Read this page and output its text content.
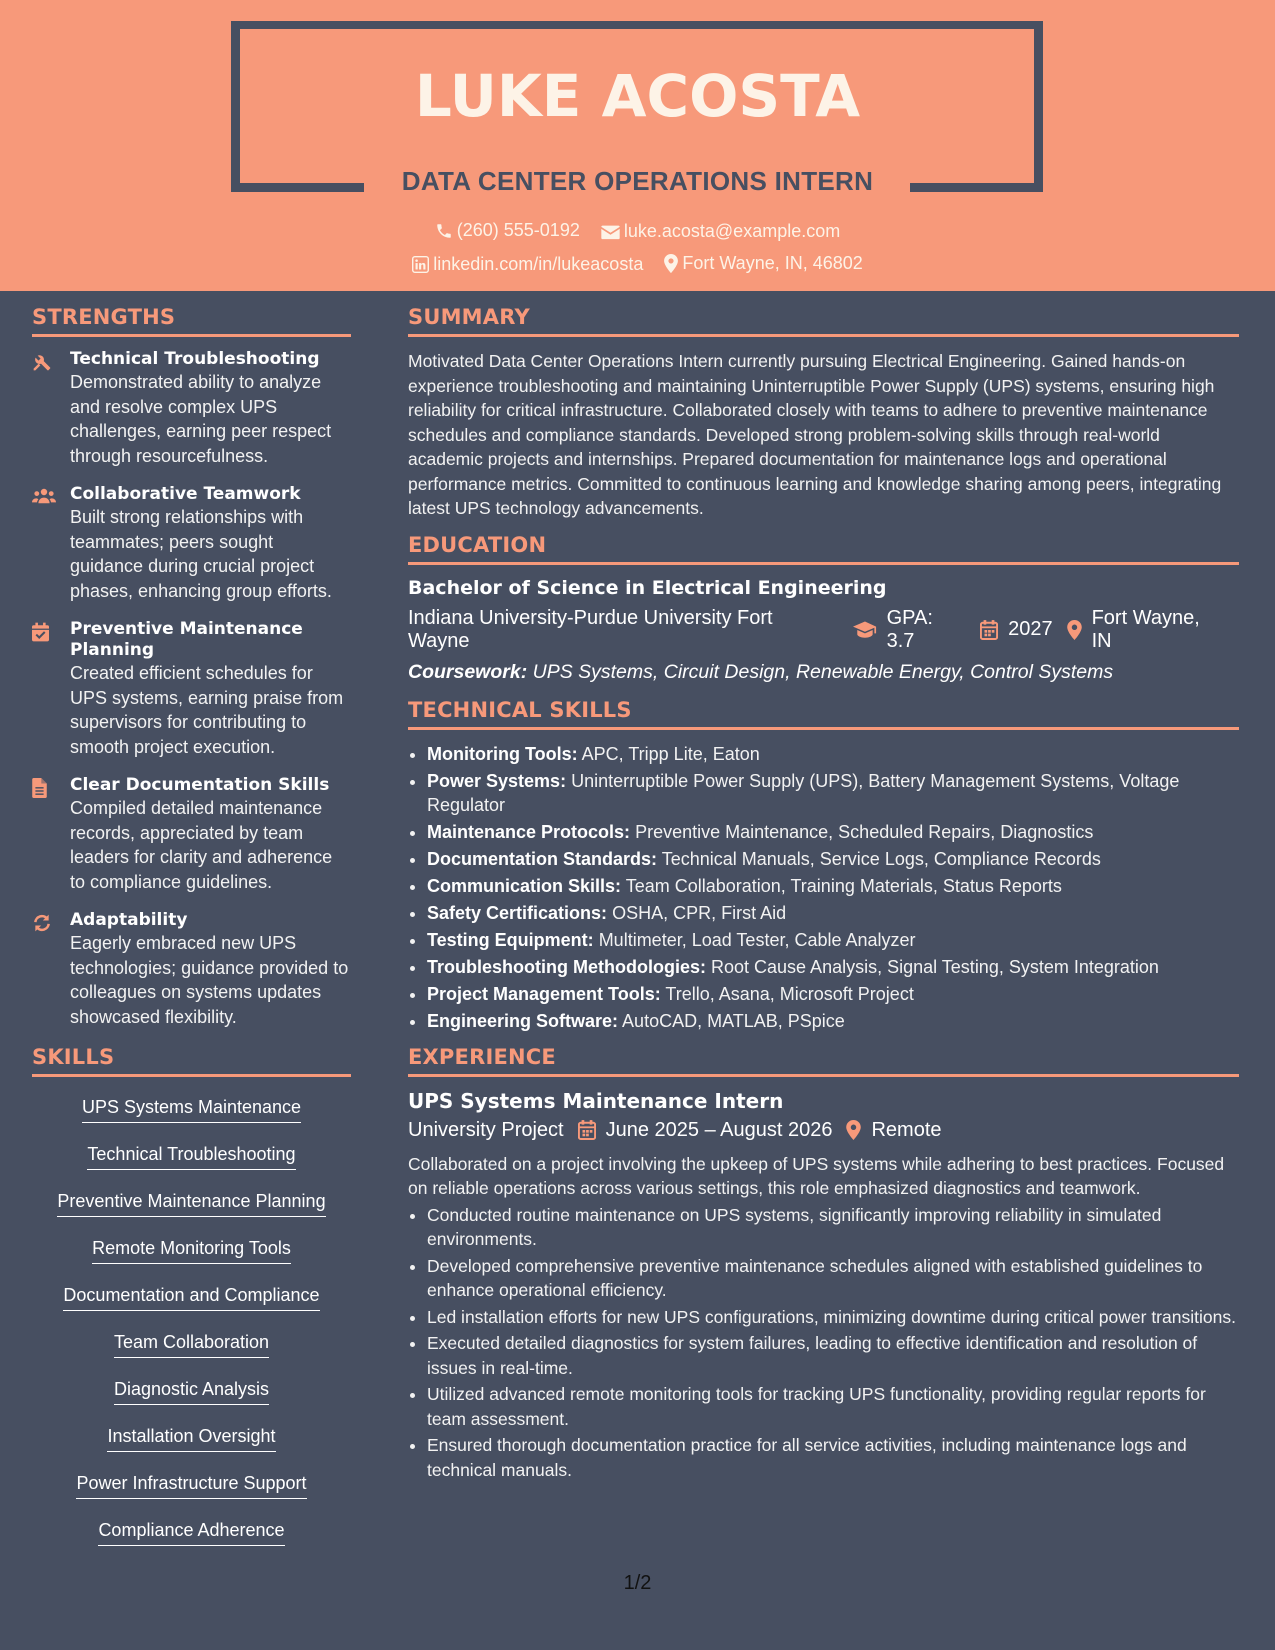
LUKE ACOSTA
DATA CENTER OPERATIONS INTERN
(260) 555-0192
luke.acosta@example.com
linkedin.com/in/lukeacosta
Fort Wayne, IN, 46802
STRENGTHS
Technical Troubleshooting
Demonstrated ability to analyze and resolve complex UPS challenges, earning peer respect through resourcefulness.
Collaborative Teamwork
Built strong relationships with teammates; peers sought guidance during crucial project phases, enhancing group efforts.
Preventive Maintenance Planning
Created efficient schedules for UPS systems, earning praise from supervisors for contributing to smooth project execution.
Clear Documentation Skills
Compiled detailed maintenance records, appreciated by team leaders for clarity and adherence to compliance guidelines.
Adaptability
Eagerly embraced new UPS technologies; guidance provided to colleagues on systems updates showcased flexibility.
SKILLS
UPS Systems Maintenance
Technical Troubleshooting
Preventive Maintenance Planning
Remote Monitoring Tools
Documentation and Compliance
Team Collaboration
Diagnostic Analysis
Installation Oversight
Power Infrastructure Support
Compliance Adherence
SUMMARY
Motivated Data Center Operations Intern currently pursuing Electrical Engineering. Gained hands-on experience troubleshooting and maintaining Uninterruptible Power Supply (UPS) systems, ensuring high reliability for critical infrastructure. Collaborated closely with teams to adhere to preventive maintenance schedules and compliance standards. Developed strong problem-solving skills through real-world academic projects and internships. Prepared documentation for maintenance logs and operational performance metrics. Committed to continuous learning and knowledge sharing among peers, integrating latest UPS technology advancements.
EDUCATION
Bachelor of Science in Electrical Engineering
Indiana University-Purdue University Fort Wayne
GPA: 3.7
2027
Fort Wayne, IN
Coursework: UPS Systems, Circuit Design, Renewable Energy, Control Systems
TECHNICAL SKILLS
• Monitoring Tools: APC, Tripp Lite, Eaton
• Power Systems: Uninterruptible Power Supply (UPS), Battery Management Systems, Voltage Regulator
• Maintenance Protocols: Preventive Maintenance, Scheduled Repairs, Diagnostics
• Documentation Standards: Technical Manuals, Service Logs, Compliance Records
• Communication Skills: Team Collaboration, Training Materials, Status Reports
• Safety Certifications: OSHA, CPR, First Aid
• Testing Equipment: Multimeter, Load Tester, Cable Analyzer
• Troubleshooting Methodologies: Root Cause Analysis, Signal Testing, System Integration
• Project Management Tools: Trello, Asana, Microsoft Project
• Engineering Software: AutoCAD, MATLAB, PSpice
EXPERIENCE
UPS Systems Maintenance Intern
University Project June 2025 – August 2026 Remote
Collaborated on a project involving the upkeep of UPS systems while adhering to best practices. Focused on reliable operations across various settings, this role emphasized diagnostics and teamwork.
• Conducted routine maintenance on UPS systems, significantly improving reliability in simulated environments.
• Developed comprehensive preventive maintenance schedules aligned with established guidelines to enhance operational efficiency.
• Led installation efforts for new UPS configurations, minimizing downtime during critical power transitions.
• Executed detailed diagnostics for system failures, leading to effective identification and resolution of issues in real-time.
• Utilized advanced remote monitoring tools for tracking UPS functionality, providing regular reports for team assessment.
• Ensured thorough documentation practice for all service activities, including maintenance logs and technical manuals.
1/2
